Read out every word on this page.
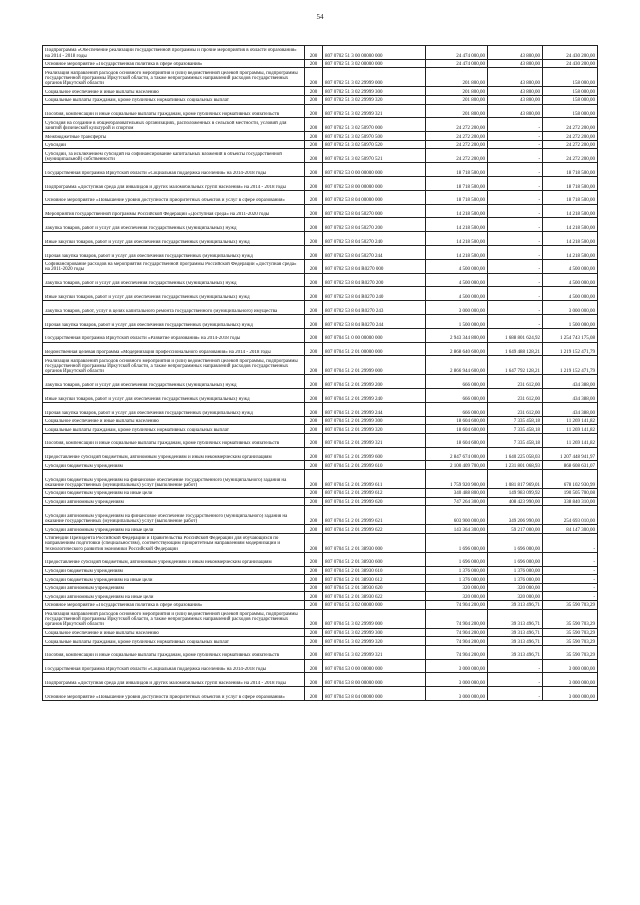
54
Подпрограмма «Обеспечение реализации государственной программы и прочие мероприятия в области образования» на 2014 - 2018 годы	200	807 0702 51 3 00 00000 000	24 474 000,00	43 800,00	24 430 200,00

Основное мероприятие «Государственная политика в сфере образования»	200	807 0702 51 3 02 00000 000	24 474 000,00	43 800,00	24 430 200,00

Реализация направлений расходов основного мероприятия и (или) ведомственной целевой программы, подпрограммы государственной программы Иркутской области, а также непрограммных направлений расходов государственных органов Иркутской области	200	807 0702 51 3 02 29999 000	201 800,00	43 800,00	158 000,00

Социальное обеспечение и иные выплаты населению	200	807 0702 51 3 02 29999 300	201 800,00	43 800,00	158 000,00

Социальные выплаты гражданам, кроме публичных нормативных социальных выплат	200	807 0702 51 3 02 29999 320	201 800,00	43 800,00	158 000,00

Пособия, компенсации и иные социальные выплаты гражданам, кроме публичных нормативных обязательств	200	807 0702 51 3 02 29999 321	201 800,00	43 800,00	158 000,00

Субсидия на создание в общеобразовательных организациях, расположенных в сельской местности, условий для занятий физической культурой и спортом	200	807 0702 51 3 02 50970 000	24 272 200,00	-	24 272 200,00

Межбюджетные трансферты	200	807 0702 51 3 02 50970 500	24 272 200,00	-	24 272 200,00

Субсидии	200	807 0702 51 3 02 50970 520	24 272 200,00	-	24 272 200,00

Субсидии, за исключением субсидий на софинансирование капитальных вложений в объекты государственной (муниципальной) собственности	200	807 0702 51 3 02 50970 521	24 272 200,00	-	24 272 200,00

Государственная программа Иркутской области «Социальная поддержка населения» на 2014-2018 годы	200	807 0702 53 0 00 00000 000	18 718 500,00	-	18 718 500,00

Подпрограмма «Доступная среда для инвалидов и других маломобильных групп населения» на 2014 - 2018 годы	200	807 0702 53 8 00 00000 000	18 718 500,00	-	18 718 500,00

Основное мероприятие «Повышение уровня доступности приоритетных объектов и услуг в сфере образования»	200	807 0702 53 8 04 00000 000	18 718 500,00	-	18 718 500,00

Мероприятия государственной программы Российской Федерации «Доступная среда» на 2011-2020 годы	200	807 0702 53 8 04 50270 000	14 218 500,00	-	14 218 500,00

Закупка товаров, работ и услуг для обеспечения государственных (муниципальных) нужд	200	807 0702 53 8 04 50270 200	14 218 500,00	-	14 218 500,00

Иные закупки товаров, работ и услуг для обеспечения государственных (муниципальных) нужд	200	807 0702 53 8 04 50270 240	14 218 500,00	-	14 218 500,00

Прочая закупка товаров, работ и услуг для обеспечения государственных (муниципальных) нужд	200	807 0702 53 8 04 50270 244	14 218 500,00	-	14 218 500,00

Софинансирование расходов на мероприятия государственной программы Российской Федерации «Доступная среда» на 2011-2020 годы	200	807 0702 53 8 04 R0270 000	4 500 000,00	-	4 500 000,00

Закупка товаров, работ и услуг для обеспечения государственных (муниципальных) нужд	200	807 0702 53 8 04 R0270 200	4 500 000,00	-	4 500 000,00

Иные закупки товаров, работ и услуг для обеспечения государственных (муниципальных) нужд	200	807 0702 53 8 04 R0270 240	4 500 000,00	-	4 500 000,00

Закупка товаров, работ, услуг в целях капитального ремонта государственного (муниципального) имущества	200	807 0702 53 8 04 R0270 243	3 000 000,00	-	3 000 000,00

Прочая закупка товаров, работ и услуг для обеспечения государственных (муниципальных) нужд	200	807 0702 53 8 04 R0270 244	1 500 000,00	-	1 500 000,00

Государственная программа Иркутской области «Развитие образования» на 2014-2018 годы	200	807 0704 51 0 00 00000 000	2 943 344 800,00	1 688 801 624,92	1 254 743 175,08

Ведомственная целевая программа «Модернизация профессионального образования» на 2014 - 2018 годы	200	807 0704 51 2 01 00000 000	2 868 640 600,00	1 649 488 128,21	1 219 152 471,79

Реализация направлений расходов основного мероприятия и (или) ведомственной целевой программы, подпрограммы государственной программы Иркутской области, а также непрограммных направлений расходов государственных органов Иркутской области	200	807 0704 51 2 01 29999 000	2 866 944 600,00	1 647 792 128,21	1 219 152 471,79

Закупка товаров, работ и услуг для обеспечения государственных (муниципальных) нужд	200	807 0704 51 2 01 29999 200	666 000,00	231 612,00	434 388,00

Иные закупки товаров, работ и услуг для обеспечения государственных (муниципальных) нужд	200	807 0704 51 2 01 29999 240	666 000,00	231 612,00	434 388,00

Прочая закупка товаров, работ и услуг для обеспечения государственных (муниципальных) нужд	200	807 0704 51 2 01 29999 244	666 000,00	231 612,00	434 388,00

Социальное обеспечение и иные выплаты населению	200	807 0704 51 2 01 29999 300	18 604 600,00	7 335 458,18	11 269 141,82

Социальные выплаты гражданам, кроме публичных нормативных социальных выплат	200	807 0704 51 2 01 29999 320	18 604 600,00	7 335 458,18	11 269 141,82

Пособия, компенсации и иные социальные выплаты гражданам, кроме публичных нормативных обязательств	200	807 0704 51 2 01 29999 321	18 604 600,00	7 335 458,18	11 269 141,82

Предоставление субсидий бюджетным, автономным учреждениям и иным некоммерческим организациям	200	807 0704 51 2 01 29999 600	2 847 674 000,00	1 640 225 058,03	1 207 448 941,97

Субсидии бюджетным учреждениям	200	807 0704 51 2 01 29999 610	2 100 409 700,00	1 231 801 068,93	868 608 631,07

Субсидии бюджетным учреждениям на финансовое обеспечение государственного (муниципального) задания на оказание государственных (муниципальных) услуг (выполнение работ)	200	807 0704 51 2 01 29999 611	1 759 920 900,00	1 081 817 969,01	678 102 930,99

Субсидии бюджетным учреждениям на иные цели	200	807 0704 51 2 01 29999 612	340 488 800,00	149 983 099,92	190 505 700,08

Субсидии автономным учреждениям	200	807 0704 51 2 01 29999 620	747 264 300,00	408 423 990,00	338 840 310,00

Субсидии автономным учреждениям на финансовое обеспечение государственного (муниципального) задания на оказание государственных (муниципальных) услуг (выполнение работ)	200	807 0704 51 2 01 29999 621	603 900 000,00	349 206 990,00	254 693 010,00

Субсидии автономным учреждениям на иные цели	200	807 0704 51 2 01 29999 622	143 364 300,00	59 217 000,00	84 147 300,00

Стипендии Президента Российской Федерации и Правительства Российской Федерации для обучающихся по направлениям подготовки (специальностям), соответствующим приоритетным направлениям модернизации и технологического развития экономики Российской Федерации	200	807 0704 51 2 01 38930 000	1 696 000,00	1 696 000,00	-

Предоставление субсидий бюджетным, автономным учреждениям и иным некоммерческим организациям	200	807 0704 51 2 01 38930 600	1 696 000,00	1 696 000,00	-

Субсидии бюджетным учреждениям	200	807 0704 51 2 01 38930 610	1 376 000,00	1 376 000,00	-

Субсидии бюджетным учреждениям на иные цели	200	807 0704 51 2 01 38930 612	1 376 000,00	1 376 000,00	-

Субсидии автономным учреждениям	200	807 0704 51 2 01 38930 620	320 000,00	320 000,00	-

Субсидии автономным учреждениям на иные цели	200	807 0704 51 2 01 38930 622	320 000,00	320 000,00	-

Основное мероприятие «Государственная политика в сфере образования»	200	807 0704 51 3 02 00000 000	74 904 200,00	39 313 496,71	35 590 703,29

Реализация направлений расходов основного мероприятия и (или) ведомственной целевой программы, подпрограммы государственной программы Иркутской области, а также непрограммных направлений расходов государственных органов Иркутской области	200	807 0704 51 3 02 29999 000	74 904 200,00	39 313 496,71	35 590 703,29

Социальное обеспечение и иные выплаты населению	200	807 0704 51 3 02 29999 300	74 904 200,00	39 313 496,71	35 590 703,29

Социальные выплаты гражданам, кроме публичных нормативных социальных выплат	200	807 0704 51 3 02 29999 320	74 904 200,00	39 313 496,71	35 590 703,29

Пособия, компенсации и иные социальные выплаты гражданам, кроме публичных нормативных обязательств	200	807 0704 51 3 02 29999 321	74 904 200,00	39 313 496,71	35 590 703,29

Государственная программа Иркутской области «Социальная поддержка населения» на 2014-2018 годы	200	807 0704 53 0 00 00000 000	3 000 000,00	-	3 000 000,00

Подпрограмма «Доступная среда для инвалидов и других маломобильных групп населения» на 2014 - 2018 годы	200	807 0704 53 8 00 00000 000	3 000 000,00	-	3 000 000,00

Основное мероприятие «Повышение уровня доступности приоритетных объектов и услуг в сфере образования»	200	807 0704 53 8 04 00000 000	3 000 000,00	-	3 000 000,00
